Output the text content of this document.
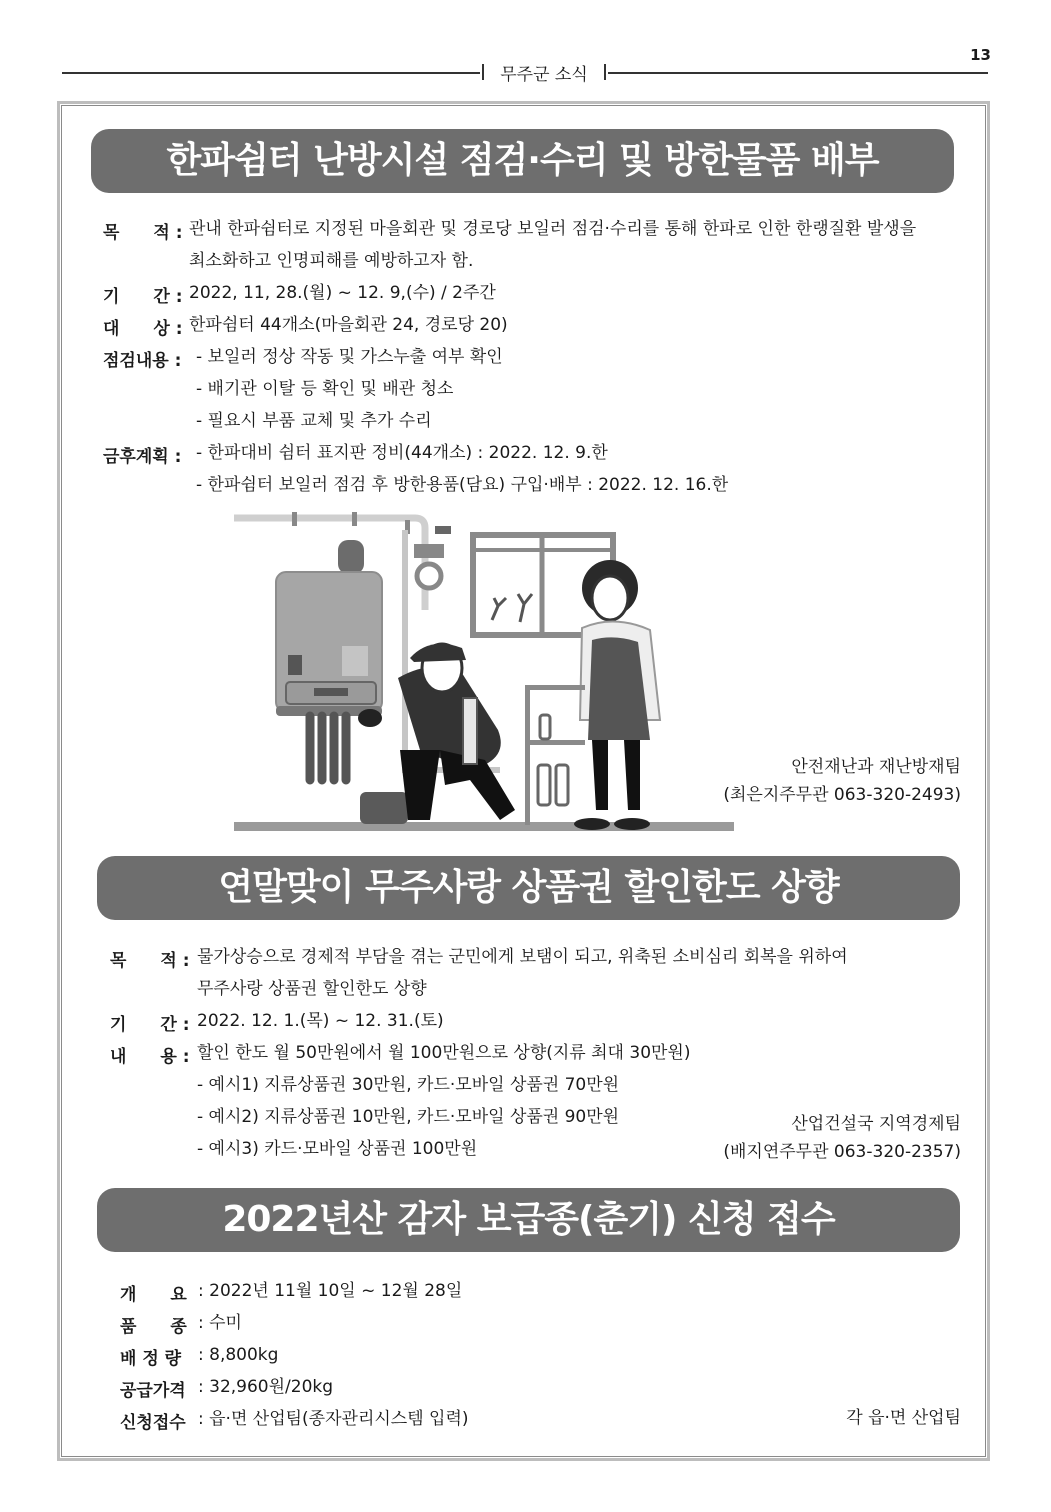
13
무주군 소식
한파쉼터 난방시설 점검·수리 및 방한물품 배부
목　　적 : 관내 한파쉼터로 지정된 마을회관 및 경로당 보일러 점검·수리를 통해 한파로 인한 한랭질환 발생을
최소화하고 인명피해를 예방하고자 함.
기　　간 : 2022, 11, 28.(월) ~ 12. 9,(수) / 2주간
대　　상 : 한파쉼터 44개소(마을회관 24, 경로당 20)
점검내용 : - 보일러 정상 작동 및 가스누출 여부 확인
- 배기관 이탈 등 확인 및 배관 청소
- 필요시 부품 교체 및 추가 수리
금후계획 : - 한파대비 쉼터 표지판 정비(44개소) : 2022. 12. 9.한
- 한파쉼터 보일러 점검 후 방한용품(담요) 구입·배부 : 2022. 12. 16.한
안전재난과 재난방재팀
(최은지주무관 063-320-2493)
연말맞이 무주사랑 상품권 할인한도 상향
목　　적 : 물가상승으로 경제적 부담을 겪는 군민에게 보탬이 되고, 위축된 소비심리 회복을 위하여
무주사랑 상품권 할인한도 상향
기　　간 : 2022. 12. 1.(목) ~ 12. 31.(토)
내　　용 : 할인 한도 월 50만원에서 월 100만원으로 상향(지류 최대 30만원)
- 예시1) 지류상품권 30만원, 카드·모바일 상품권 70만원
- 예시2) 지류상품권 10만원, 카드·모바일 상품권 90만원
- 예시3) 카드·모바일 상품권 100만원
산업건설국 지역경제팀
(배지연주무관 063-320-2357)
2022년산 감자 보급종(춘기) 신청 접수
개　　요 : 2022년 11월 10일 ~ 12월 28일
품　　종 : 수미
배 정 량 : 8,800kg
공급가격 : 32,960원/20kg
신청접수 : 읍·면 산업팀(종자관리시스템 입력)	각 읍·면 산업팀
